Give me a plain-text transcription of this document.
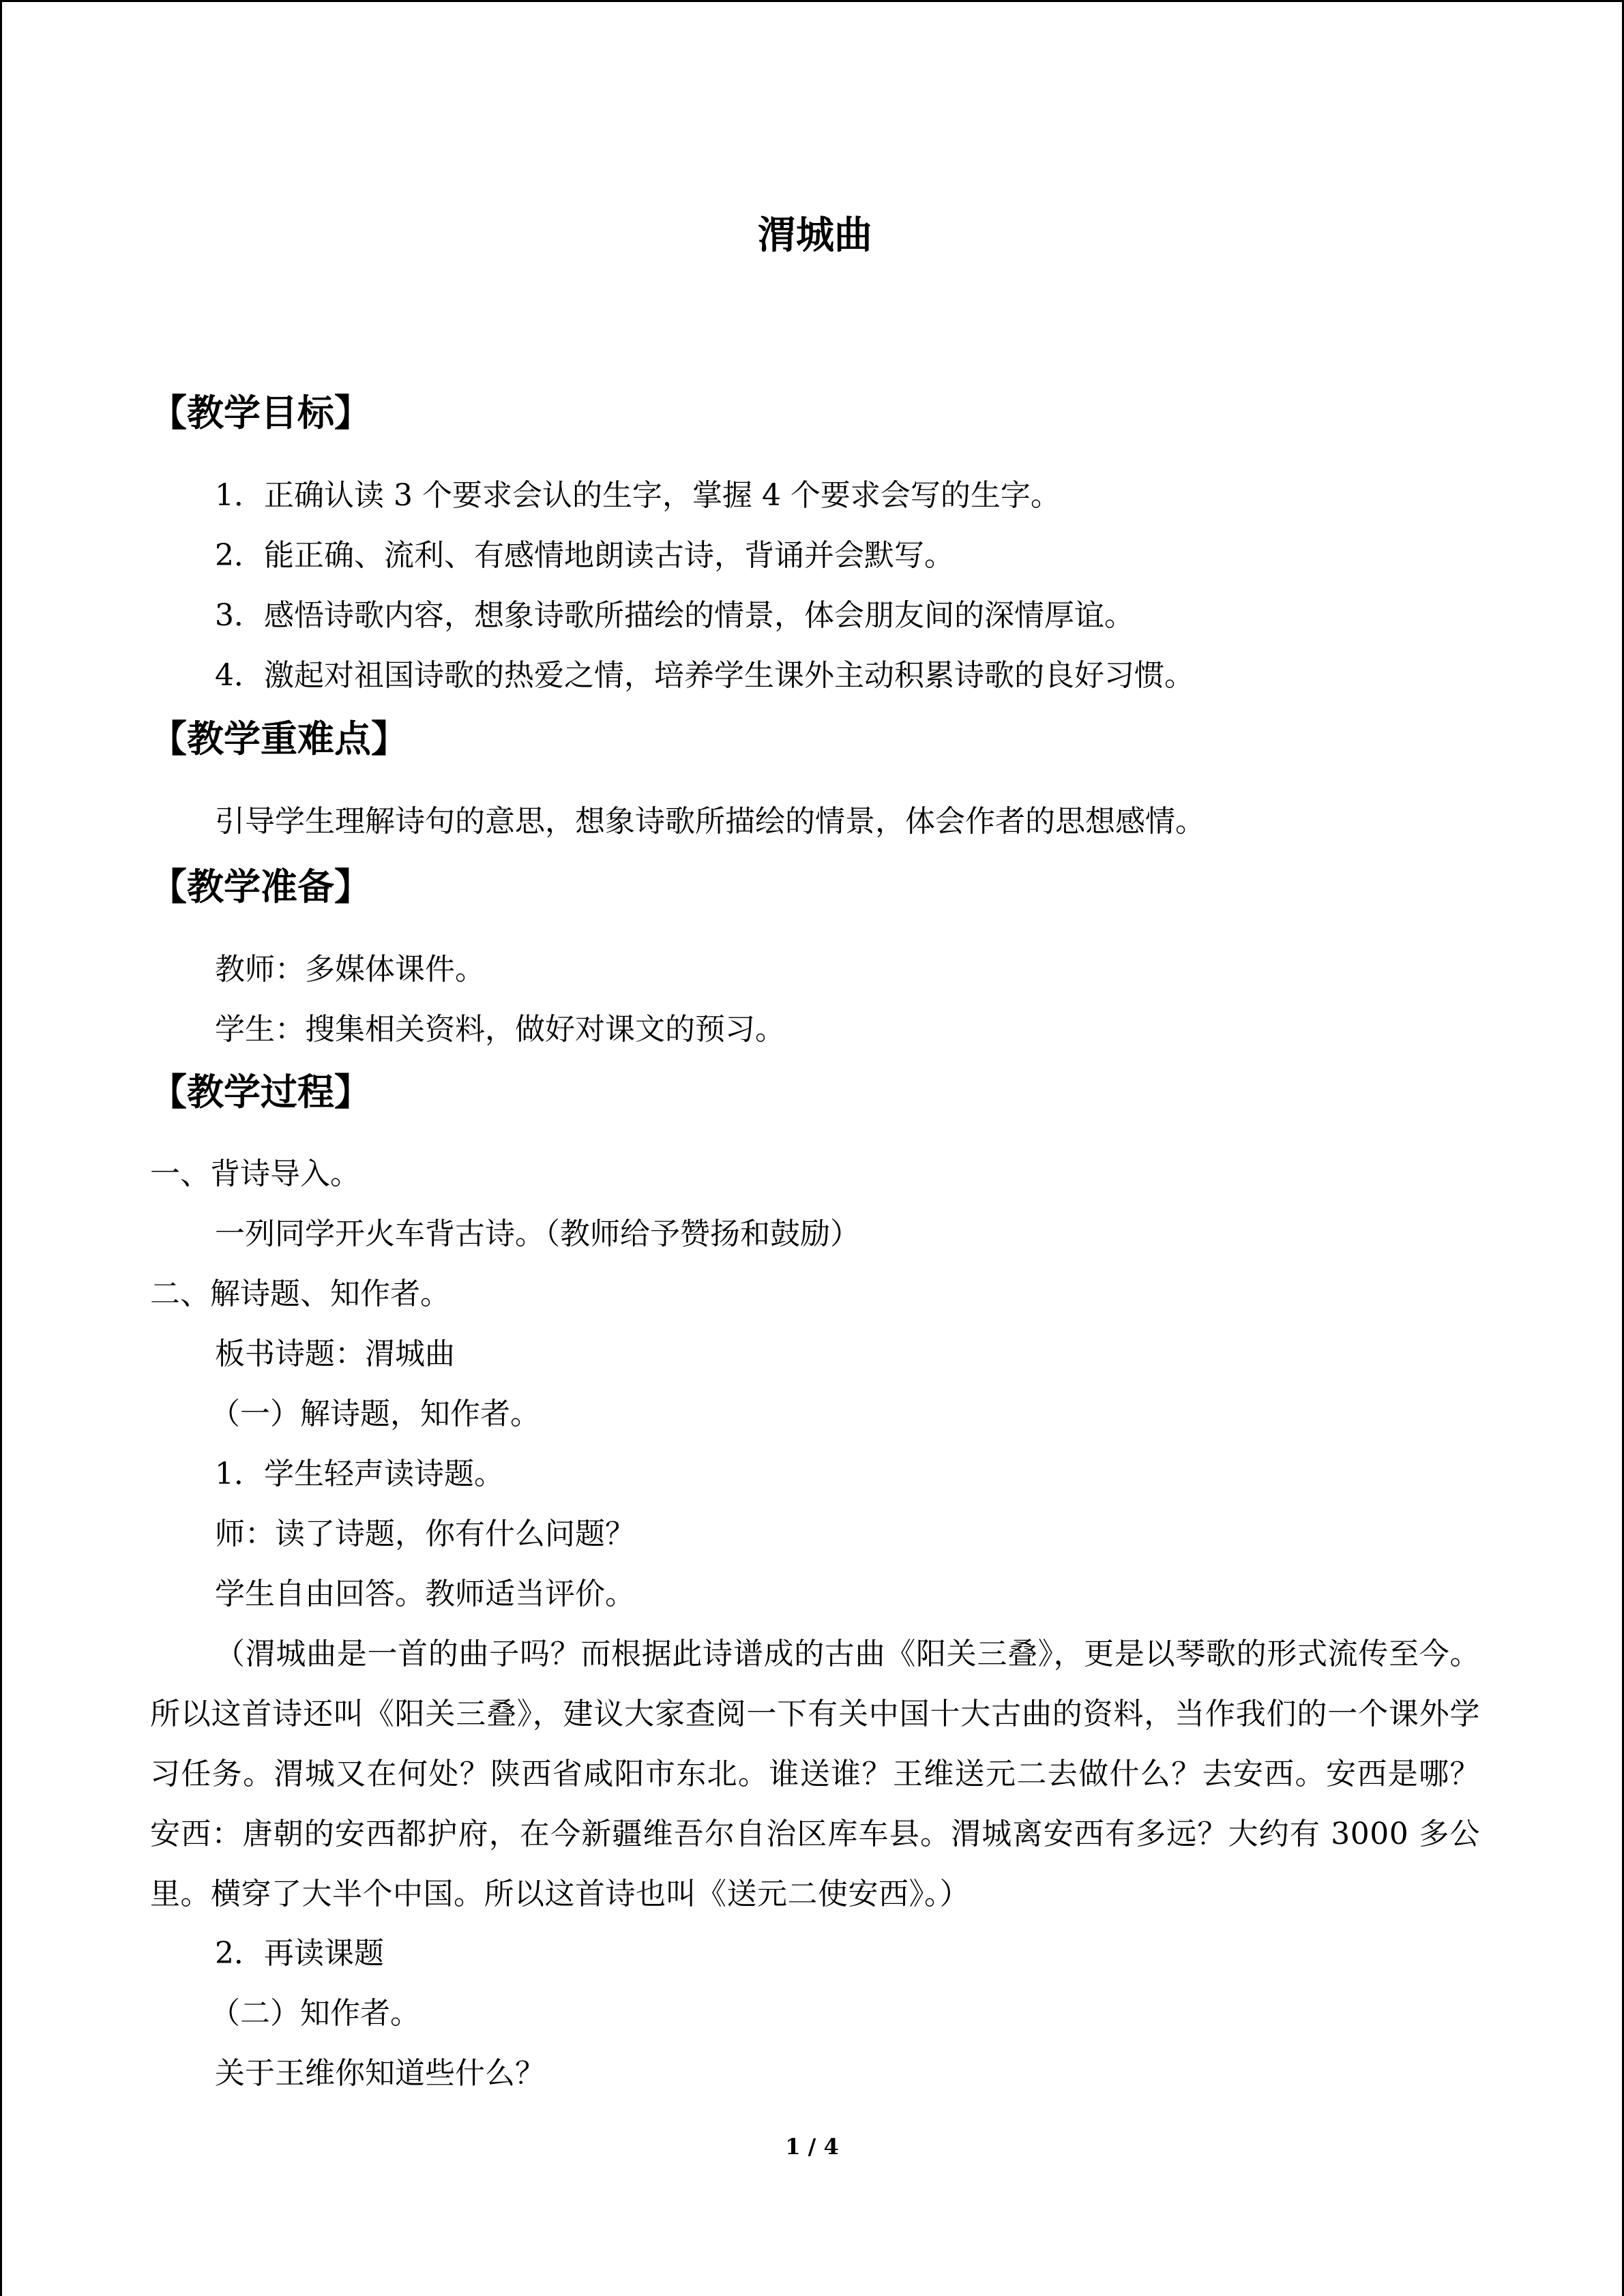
渭城曲
【教学目标】
1．正确认读 3 个要求会认的生字，掌握 4 个要求会写的生字。
2．能正确、流利、有感情地朗读古诗，背诵并会默写。
3．感悟诗歌内容，想象诗歌所描绘的情景，体会朋友间的深情厚谊。
4．激起对祖国诗歌的热爱之情，培养学生课外主动积累诗歌的良好习惯。
【教学重难点】
引导学生理解诗句的意思，想象诗歌所描绘的情景，体会作者的思想感情。
【教学准备】
教师：多媒体课件。
学生：搜集相关资料，做好对课文的预习。
【教学过程】
一、背诗导入。
一列同学开火车背古诗。（教师给予赞扬和鼓励）
二、解诗题、知作者。
板书诗题：渭城曲
（一）解诗题，知作者。
1．学生轻声读诗题。
师：读了诗题，你有什么问题？
学生自由回答。教师适当评价。
（渭城曲是一首的曲子吗？而根据此诗谱成的古曲《阳关三叠》，更是以琴歌的形式流传至今。所以这首诗还叫《阳关三叠》，建议大家查阅一下有关中国十大古曲的资料，当作我们的一个课外学习任务。渭城又在何处？陕西省咸阳市东北。谁送谁？王维送元二去做什么？去安西。安西是哪？安西：唐朝的安西都护府，在今新疆维吾尔自治区库车县。渭城离安西有多远？大约有 3000 多公里。横穿了大半个中国。所以这首诗也叫《送元二使安西》。）
2．再读课题
（二）知作者。
关于王维你知道些什么？
1 / 4
